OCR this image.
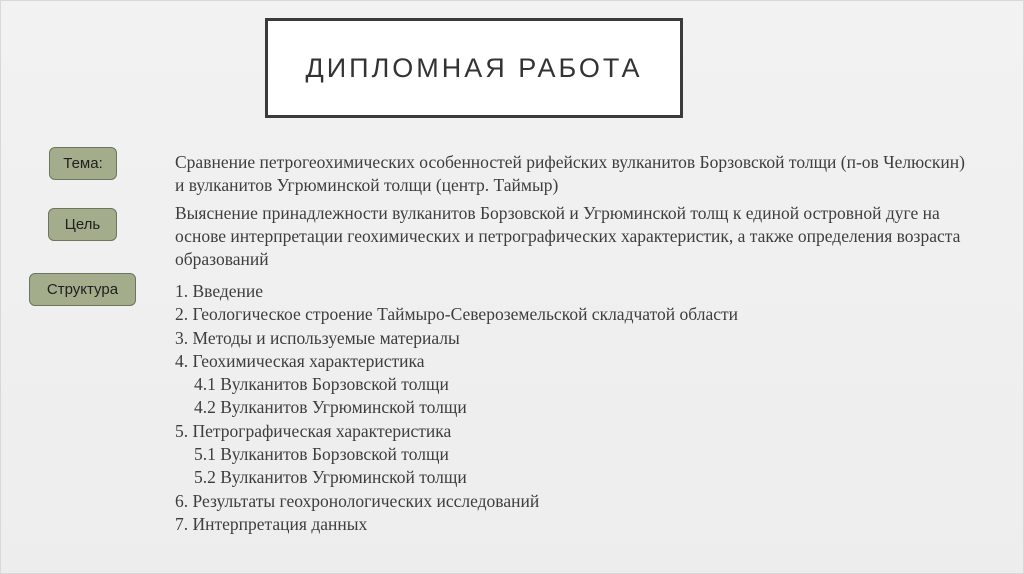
ДИПЛОМНАЯ РАБОТА
Тема:
Цель
Структура
Сравнение петрогеохимических особенностей рифейских вулканитов Борзовской толщи (п-ов Челюскин) и вулканитов Угрюминской толщи (центр. Таймыр)
Выяснение принадлежности вулканитов Борзовской и Угрюминской толщ к единой островной дуге на основе интерпретации геохимических и петрографических характеристик, а также определения возраста образований
1. Введение
2. Геологическое строение Таймыро-Североземельской складчатой области
3. Методы и используемые материалы
4. Геохимическая характеристика
4.1 Вулканитов Борзовской толщи
4.2 Вулканитов Угрюминской толщи
5. Петрографическая характеристика
5.1 Вулканитов Борзовской толщи
5.2 Вулканитов Угрюминской толщи
6. Результаты геохронологических исследований
7. Интерпретация данных
